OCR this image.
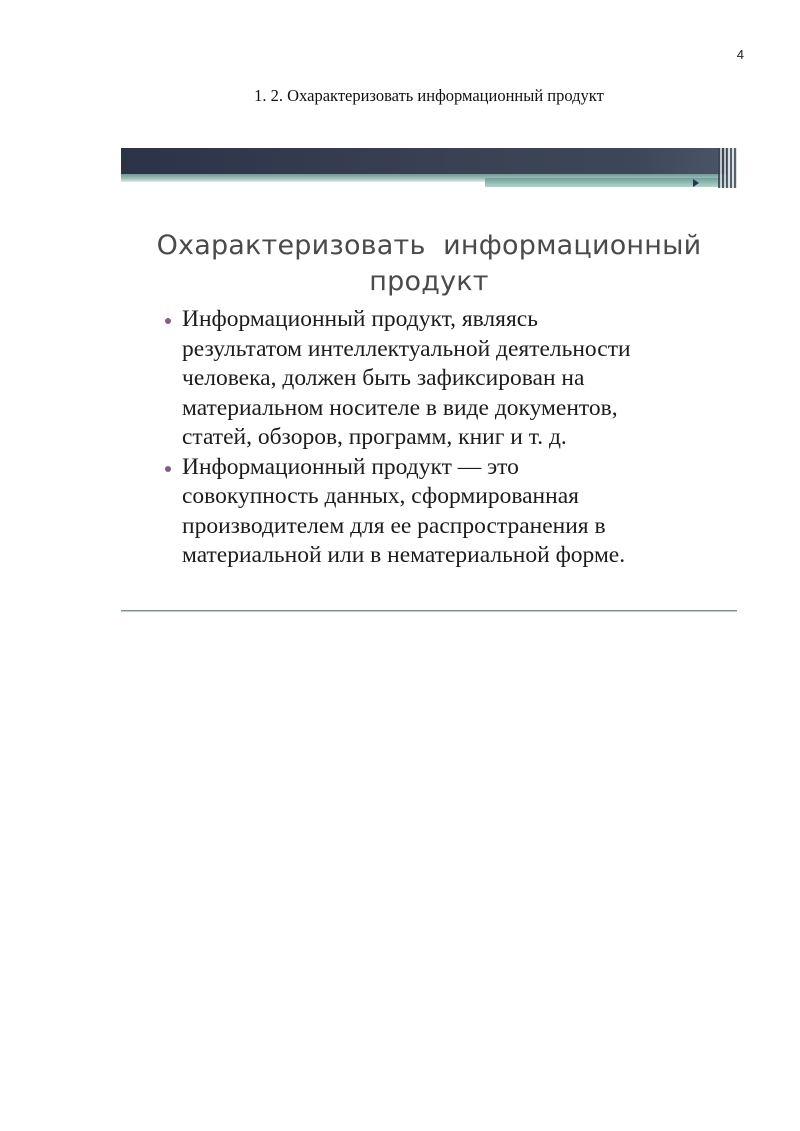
4
1. 2. Охарактеризовать информационный продукт
Охарактеризовать  информационный
продукт
Информационный продукт, являясь
результатом интеллектуальной деятельности
человека, должен быть зафиксирован на
материальном носителе в виде документов,
статей, обзоров, программ, книг и т. д.
Информационный продукт — это
совокупность данных, сформированная
производителем для ее распространения в
материальной или в нематериальной форме.
